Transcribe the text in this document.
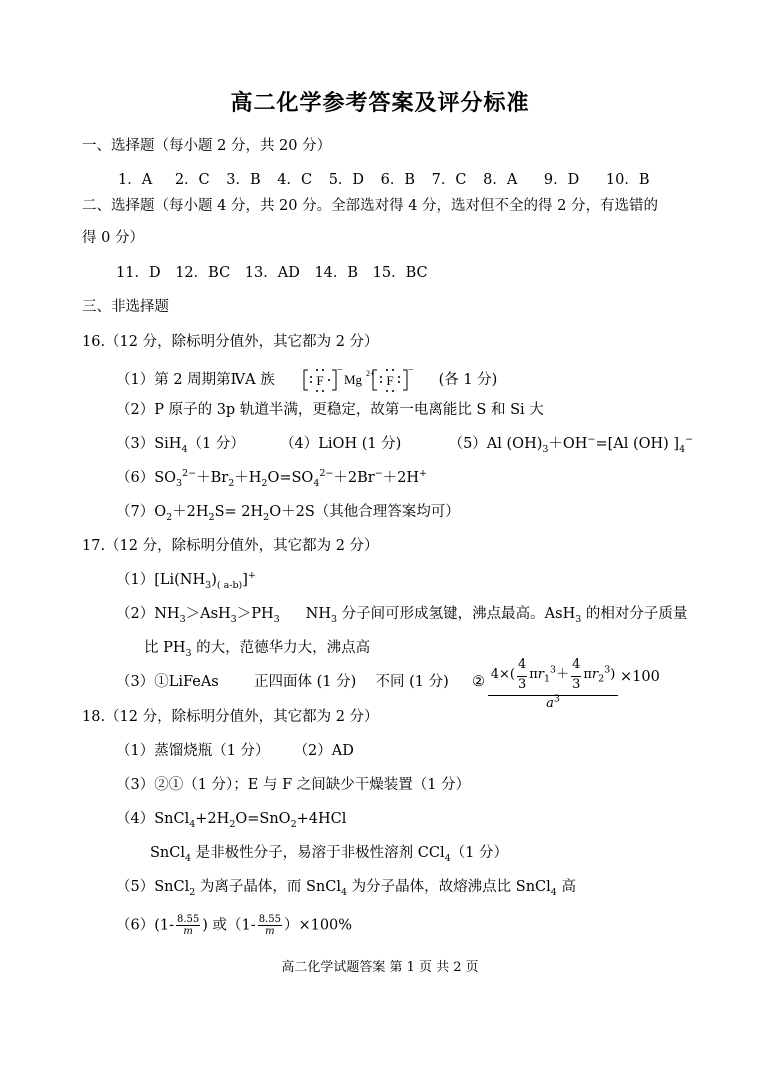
高二化学参考答案及评分标准
一、选择题（每小题 2 分，共 20 分）
1．A 2．C 3．B 4．C 5．D 6．B 7．C 8．A 9．D 10．B
二、选择题（每小题 4 分，共 20 分。全部选对得 4 分，选对但不全的得 2 分，有选错的
得 0 分）
11．D 12．BC 13．AD 14．B 15．BC
三、非选择题
16.（12 分，除标明分值外，其它都为 2 分）
（1）第 2 周期第ⅣA 族	F	F
Mg 2+
−	−
(各 1 分)
（2）P 原子的 3p 轨道半满，更稳定，故第一电离能比 S 和 Si 大
（3）SiH$_4$（1 分） （4）LiOH (1 分)	（5）Al $(OH)_3+OH^-=[Al$ (OH) ]$_4^-$
$(6)SO_3^{2-}+Br_2+H_2O=SO_4^{2-}+2Br^-+2H^+$
$(7)O_2+2H_2S= 2H_2O+2S$（其他合理答案均可）
17.（12 分，除标明分值外，其它都为 2 分）
$(1)[Li(NH_3)_{( a-b)}]^+$
$(2)NH_3>AsH_3>PH_3$ $NH_3$ 分子间可形成氢键，沸点最高。AsH$_3$ 的相对分子质量
比 $PH_3$ 的大，范德华力大，沸点高
（3）①LiFeAs 正四面体 (1 分) 不同 (1 分) ② $\frac{4\times( \frac{4}{3} \pi r_1^3+ \frac{4}{3} \pi r_2^3)}{a^3} \times 100$
18.（12 分，除标明分值外，其它都为 2 分）
（1）蒸馏烧瓶（1 分） （2）AD
（3）②①（1 分）；E 与 F 之间缺少干燥装置（1 分）
$(4)SnCl_4+2H_2O=SnO_2+4HCl$
SnCl$_4$ 是非极性分子，易溶于非极性溶剂 CCl$_4$（1 分）
（5）SnCl$_2$ 为离子晶体，而 SnCl$_4$ 为分子晶体，故熔沸点比 SnCl$_4$ 高
$(6)(1- \frac{8.55}{m}$ ) 或$(1- \frac{8.55}{m} )\times 100\%$
高二化学试题答案 第 1 页 共 2 页
